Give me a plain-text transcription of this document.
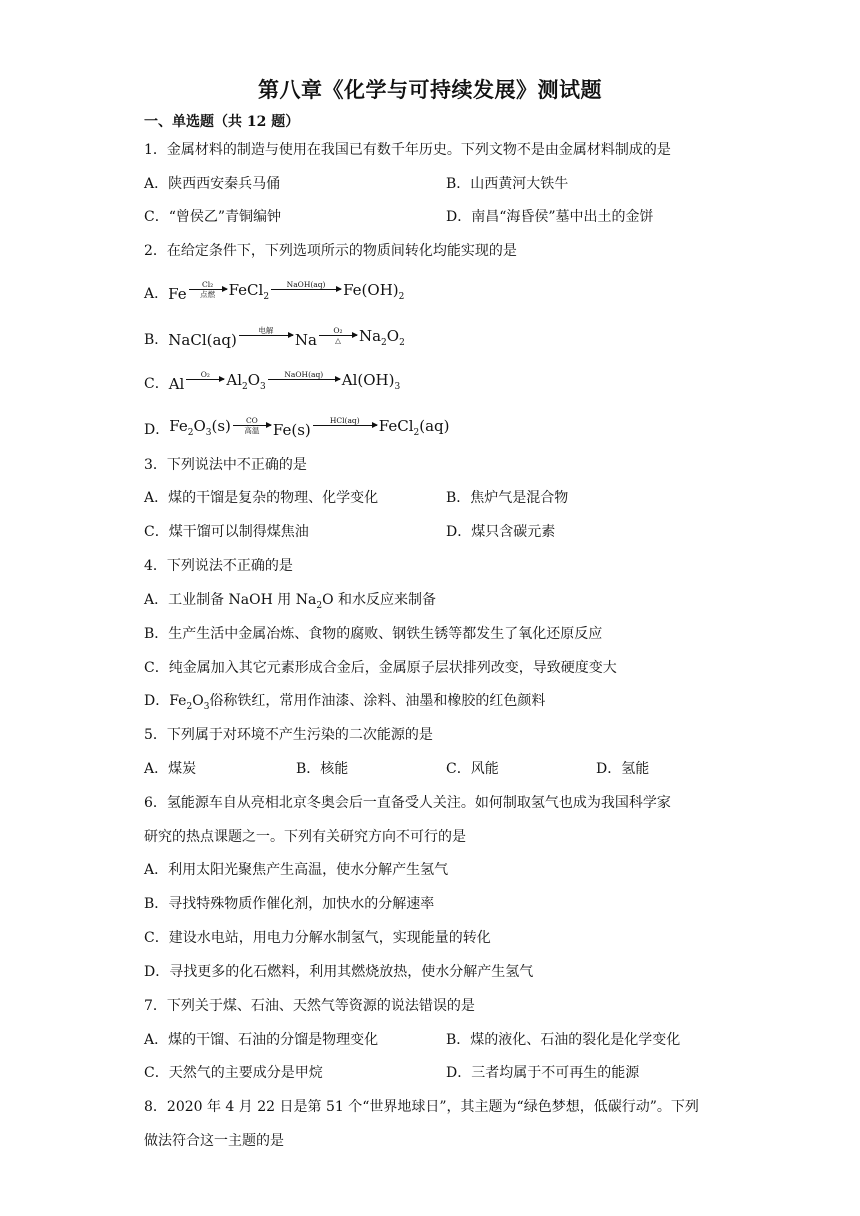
第八章《化学与可持续发展》测试题
一、单选题（共 12 题）
1．金属材料的制造与使用在我国已有数千年历史。下列文物不是由金属材料制成的是
A．陕西西安秦兵马俑	B．山西黄河大铁牛
C．“曾侯乙”青铜编钟	D．南昌“海昏侯”墓中出土的金饼
2．在给定条件下，下列选项所示的物质间转化均能实现的是
A． Fe Cl₂
点燃 FeCl$_2$
NaOH(aq) $Fe(OH)_2$
B． NaCl(aq)	电解 Na O₂
△ $Na_2O_2$
C． Al O₂ $Al_2O_3$
NaOH(aq) $Al(OH)_3$
D． $Fe_2O_3(s)$ CO
高温 Fe(s)	HCl(aq) FeCl$_2$(aq)
3．下列说法中不正确的是
A．煤的干馏是复杂的物理、化学变化	B．焦炉气是混合物
C．煤干馏可以制得煤焦油	D．煤只含碳元素
4．下列说法不正确的是
A．工业制备 NaOH 用 $Na_2O$ 和水反应来制备
B．生产生活中金属冶炼、食物的腐败、钢铁生锈等都发生了氧化还原反应
C．纯金属加入其它元素形成合金后，金属原子层状排列改变，导致硬度变大
D．$Fe_2O_3$俗称铁红，常用作油漆、涂料、油墨和橡胶的红色颜料
5．下列属于对环境不产生污染的二次能源的是
A．煤炭	B．核能	C．风能	D．氢能
6．氢能源车自从亮相北京冬奥会后一直备受人关注。如何制取氢气也成为我国科学家
研究的热点课题之一。下列有关研究方向不可行的是
A．利用太阳光聚焦产生高温，使水分解产生氢气
B．寻找特殊物质作催化剂，加快水的分解速率
C．建设水电站，用电力分解水制氢气，实现能量的转化
D．寻找更多的化石燃料，利用其燃烧放热，使水分解产生氢气
7．下列关于煤、石油、天然气等资源的说法错误的是
A．煤的干馏、石油的分馏是物理变化	B．煤的液化、石油的裂化是化学变化
C．天然气的主要成分是甲烷	D．三者均属于不可再生的能源
8．2020 年 4 月 22 日是第 51 个“世界地球日”，其主题为“绿色梦想，低碳行动”。下列
做法符合这一主题的是
